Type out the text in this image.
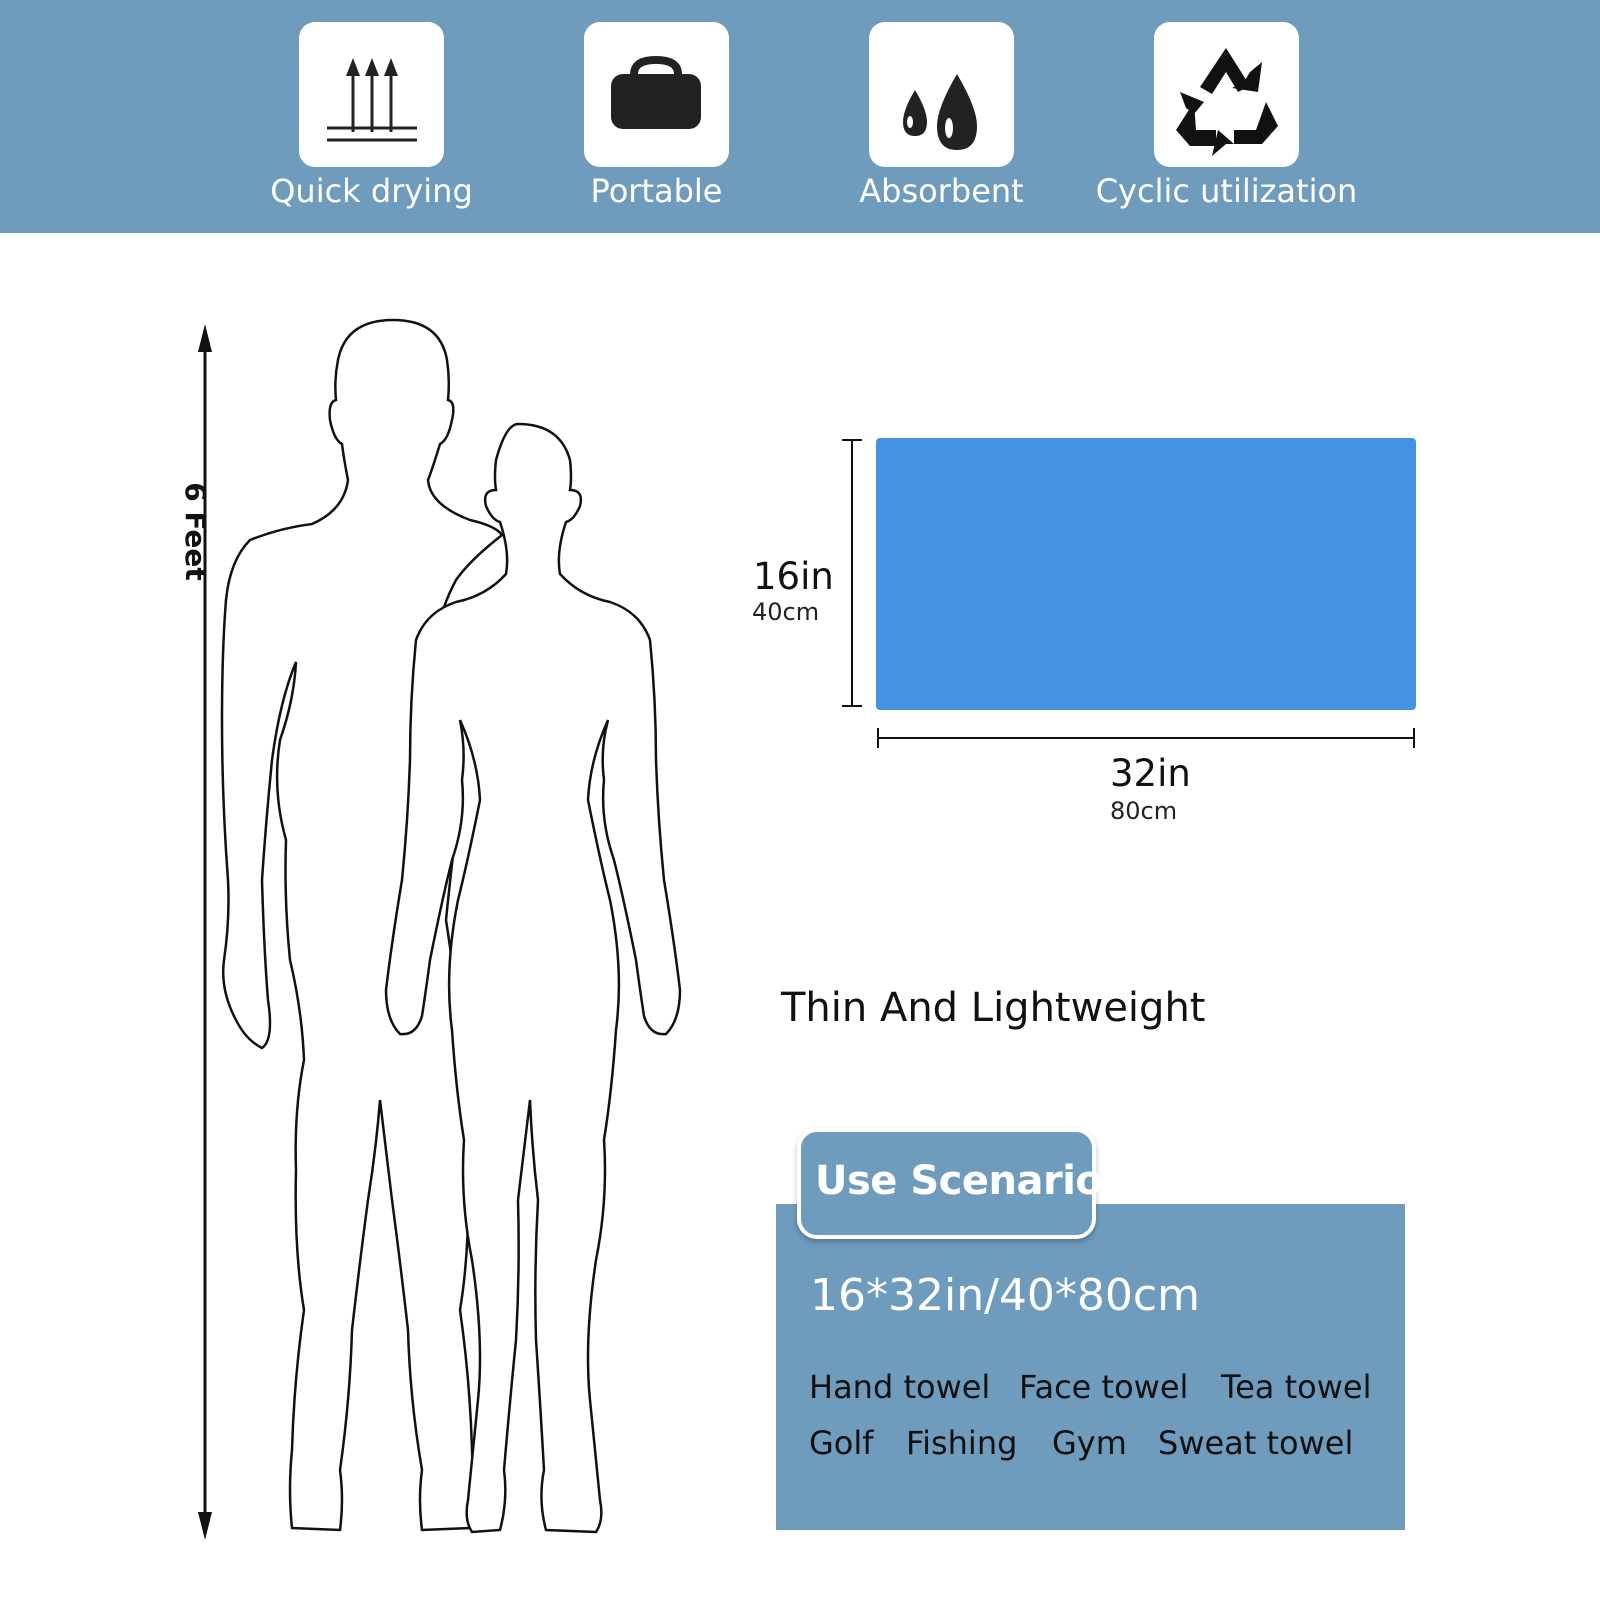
Quick drying	Portable	Absorbent	Cyclic utilization
6 Feet	16in
40cm
32in
80cm
Thin And Lightweight
Use Scenarios
16*32in/40*80cm
Hand towel Face towel Tea towel
Golf Fishing Gym Sweat towel
